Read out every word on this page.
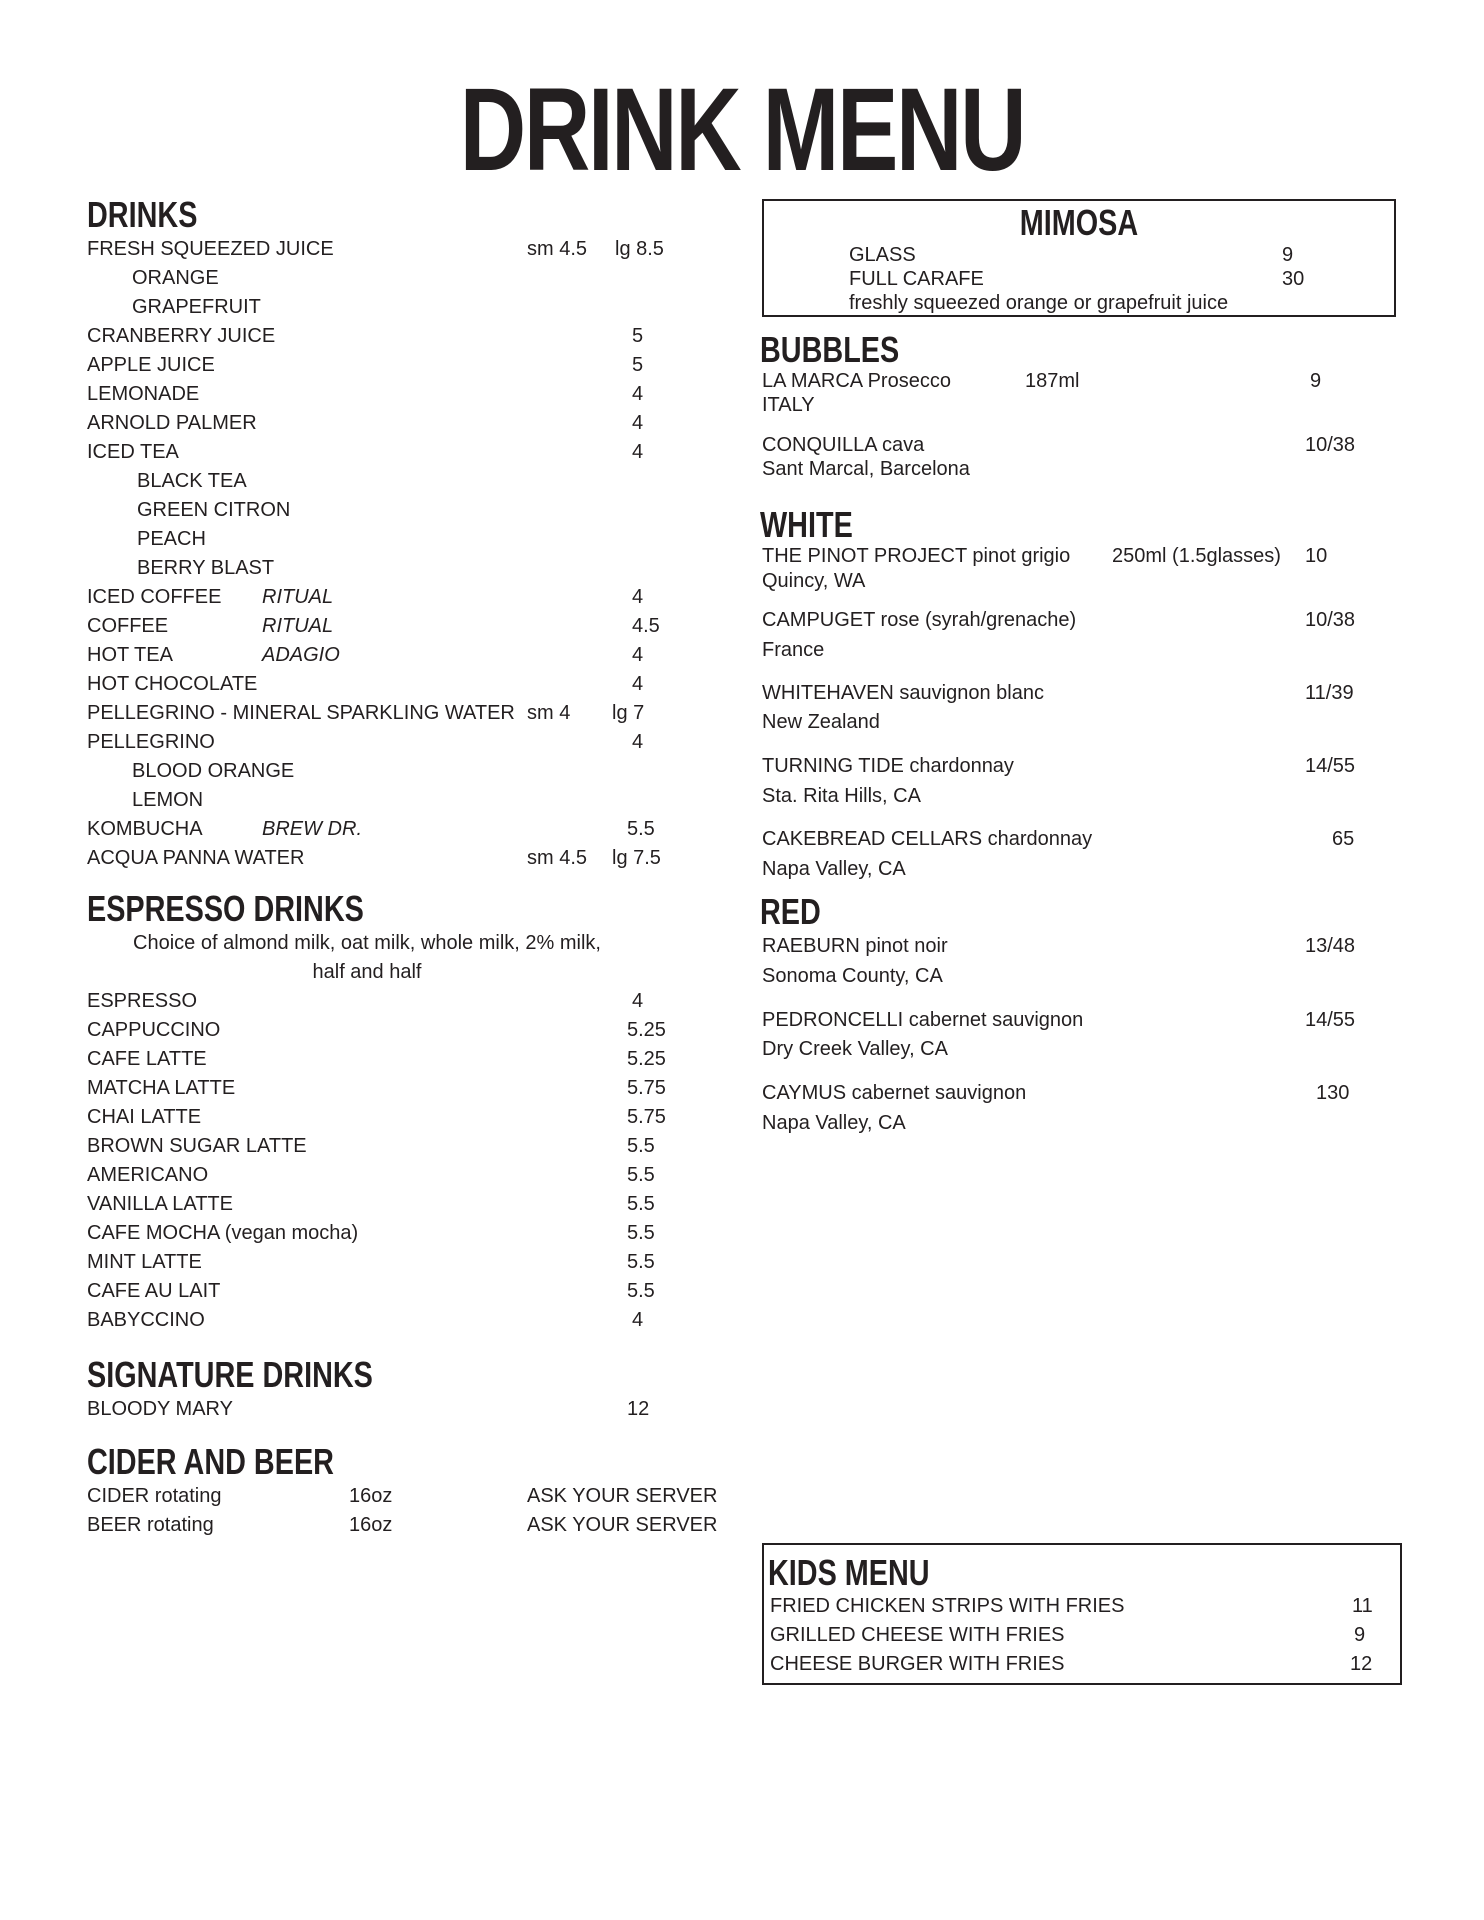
DRINK MENU
DRINKS
FRESH SQUEEZED JUICE	sm 4.5 lg 8.5
ORANGE
GRAPEFRUIT
CRANBERRY JUICE	5
APPLE JUICE	5
LEMONADE	4
ARNOLD PALMER	4
ICED TEA	4
BLACK TEA
GREEN CITRON
PEACH
BERRY BLAST
ICED COFFEE RITUAL	4
COFFEE	RITUAL	4.5
HOT TEA	ADAGIO	4
HOT CHOCOLATE	4
PELLEGRINO - MINERAL SPARKLING WATER sm 4 lg 7
PELLEGRINO	4
BLOOD ORANGE
LEMON
KOMBUCHA	BREW DR.	5.5
ACQUA PANNA WATER	sm 4.5 lg 7.5
ESPRESSO DRINKS
Choice of almond milk, oat milk, whole milk, 2% milk,
half and half
ESPRESSO	4
CAPPUCCINO	5.25
CAFE LATTE	5.25
MATCHA LATTE	5.75
CHAI LATTE	5.75
BROWN SUGAR LATTE	5.5
AMERICANO	5.5
VANILLA LATTE	5.5
CAFE MOCHA (vegan mocha)	5.5
MINT LATTE	5.5
CAFE AU LAIT	5.5
BABYCCINO	4
SIGNATURE DRINKS
BLOODY MARY	12
CIDER AND BEER
CIDER rotating	16oz	ASK YOUR SERVER
BEER rotating	16oz	ASK YOUR SERVER
MIMOSA
GLASS	9
FULL CARAFE	30
freshly squeezed orange or grapefruit juice
BUBBLES
LA MARCA Prosecco	187ml	9
ITALY
CONQUILLA cava	10/38
Sant Marcal, Barcelona
WHITE
THE PINOT PROJECT pinot grigio 250ml (1.5glasses) 10
Quincy, WA
CAMPUGET rose (syrah/grenache)	10/38
France
WHITEHAVEN sauvignon blanc	11/39
New Zealand
TURNING TIDE chardonnay	14/55
Sta. Rita Hills, CA
CAKEBREAD CELLARS chardonnay	65
Napa Valley, CA
RED
RAEBURN pinot noir	13/48
Sonoma County, CA
PEDRONCELLI cabernet sauvignon	14/55
Dry Creek Valley, CA
CAYMUS cabernet sauvignon	130
Napa Valley, CA
KIDS MENU
FRIED CHICKEN STRIPS WITH FRIES	11
GRILLED CHEESE WITH FRIES	9
CHEESE BURGER WITH FRIES	12
